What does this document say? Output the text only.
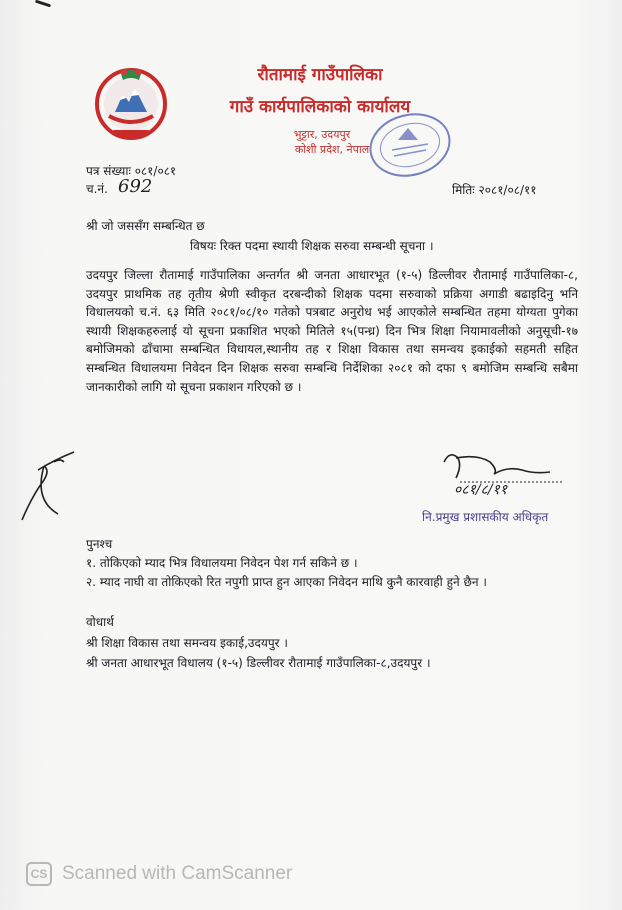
रौतामाई गाउँपालिका
गाउँ कार्यपालिकाको कार्यालय
भुट्टार, उदयपुर
कोशी प्रदेश, नेपाल
पत्र संख्याः ०८१/०८१
च.नं. 692	मितिः २०८१/०८/११
श्री जो जससँग सम्बन्धित छ
विषयः रिक्त पदमा स्थायी शिक्षक सरुवा सम्बन्धी सूचना ।
उदयपुर जिल्ला रौतामाई गाउँपालिका अन्तर्गत श्री जनता आधारभूत (१-५) डिल्लीवर रौतामाई गाउँपालिका-८, उदयपुर प्राथमिक तह तृतीय श्रेणी स्वीकृत दरबन्दीको शिक्षक पदमा सरुवाको प्रक्रिया अगाडी बढाइदिनु भनि विधालयको च.नं. ६३ मिति २०८१/०८/१० गतेको पत्रबाट अनुरोध भई आएकोले सम्बन्धित तहमा योग्यता पुगेका स्थायी शिक्षकहरुलाई यो सूचना प्रकाशित भएको मितिले १५(पन्ध्र) दिन भित्र शिक्षा नियामावलीको अनुसूची-१७ बमोजिमको ढाँचामा सम्बन्धित विधायल,स्थानीय तह र शिक्षा विकास तथा समन्वय इकाईको सहमती सहित सम्बन्धित विधालयमा निवेदन दिन शिक्षक सरुवा सम्बन्धि निर्देशिका २०८१ को दफा ९ बमोजिम सम्बन्धि सबैमा जानकारीको लागि यो सूचना प्रकाशन गरिएको छ ।
०८१/८/११
नि.प्रमुख प्रशासकीय अधिकृत
पुनश्च
१. तोकिएको म्याद भित्र विधालयमा निवेदन पेश गर्न सकिने छ ।
२. म्याद नाघी वा तोकिएको रित नपुगी प्राप्त हुन आएका निवेदन माथि कुनै कारवाही हुने छैन ।
वोधार्थ
श्री शिक्षा विकास तथा समन्वय इकाई,उदयपुर ।
श्री जनता आधारभूत विधालय (१-५) डिल्लीवर रौतामाई गाउँपालिका-८,उदयपुर ।
CS Scanned with CamScanner
